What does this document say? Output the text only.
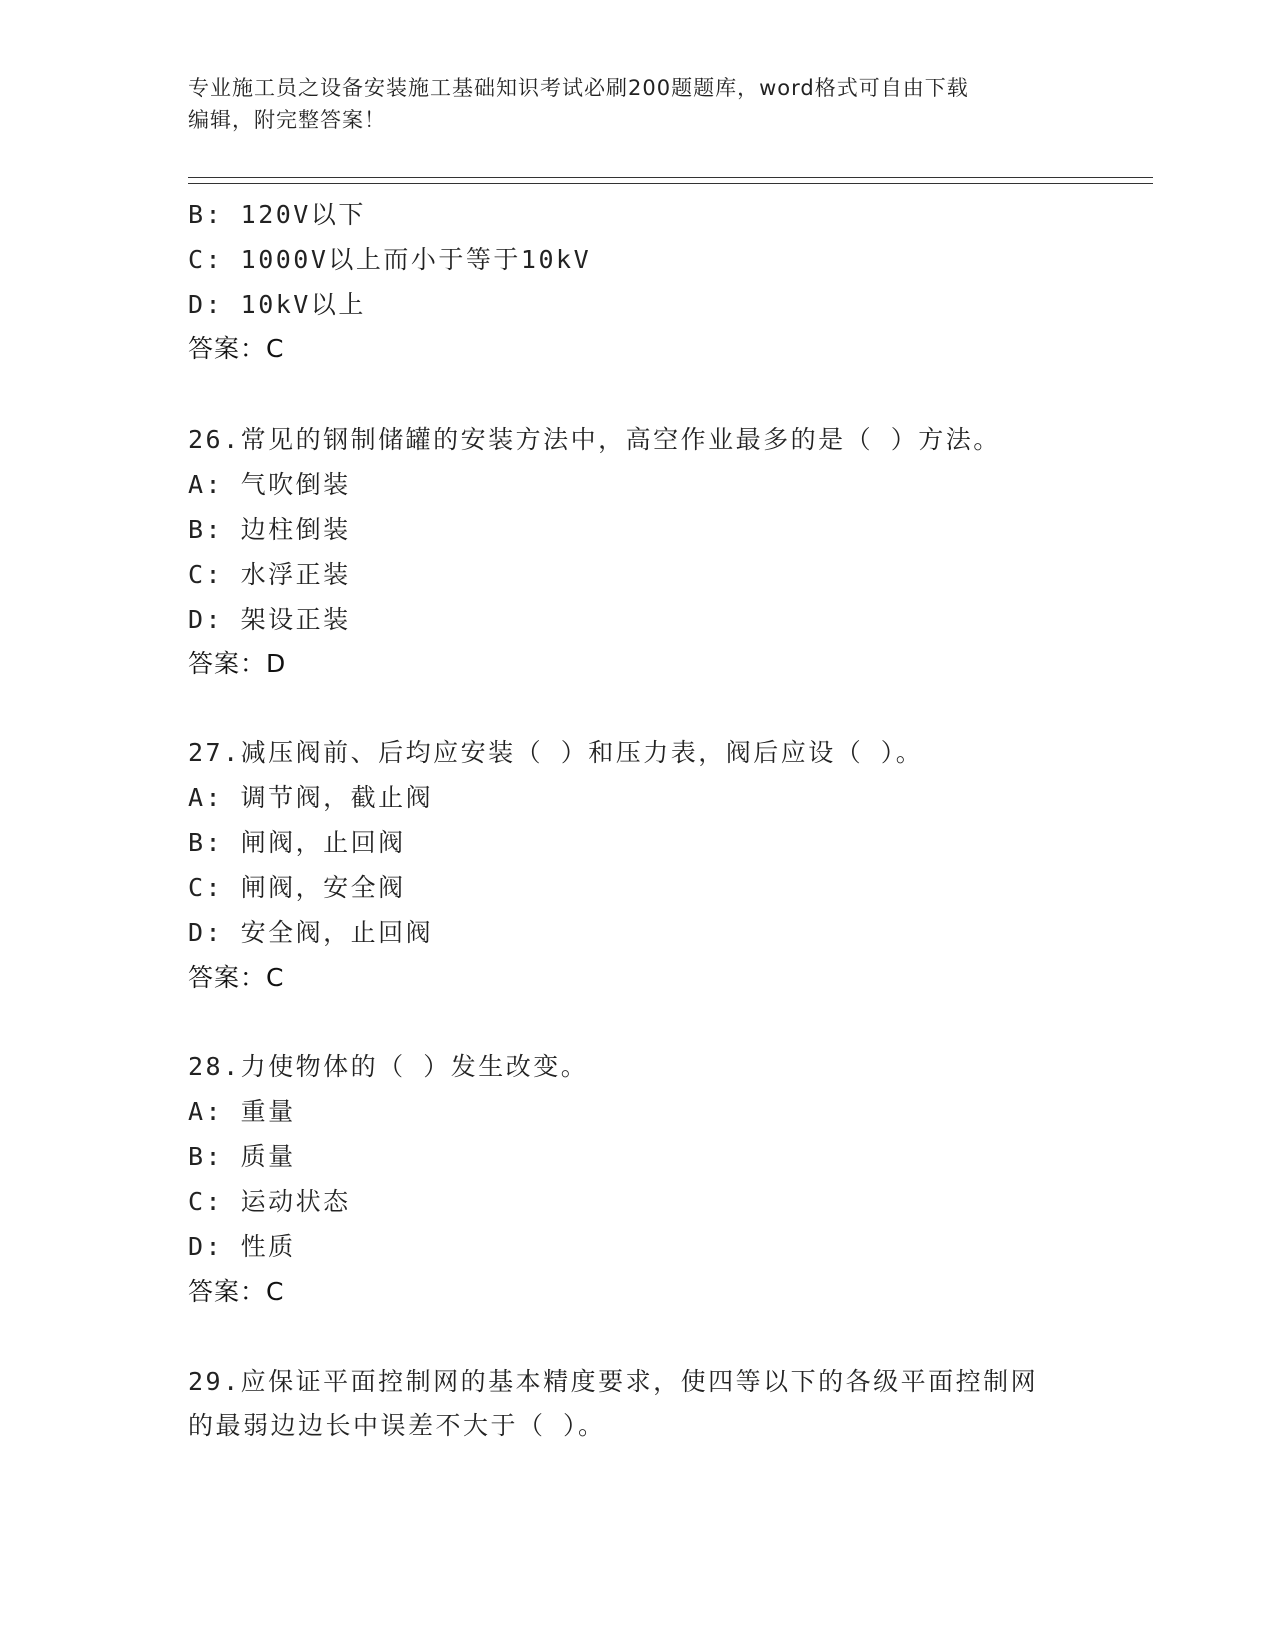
专业施工员之设备安装施工基础知识考试必刷200题题库，word格式可自由下载
编辑，附完整答案！
B: 120V以下
C: 1000V以上而小于等于10kV
D: 10kV以上
答案：C
26.常见的钢制储罐的安装方法中，高空作业最多的是（ ）方法。
A: 气吹倒装
B: 边柱倒装
C: 水浮正装
D: 架设正装
答案：D
27.减压阀前、后均应安装（ ）和压力表，阀后应设（ ）。
A: 调节阀，截止阀
B: 闸阀，止回阀
C: 闸阀，安全阀
D: 安全阀，止回阀
答案：C
28.力使物体的（ ）发生改变。
A: 重量
B: 质量
C: 运动状态
D: 性质
答案：C
29.应保证平面控制网的基本精度要求，使四等以下的各级平面控制网
的最弱边边长中误差不大于（ ）。
